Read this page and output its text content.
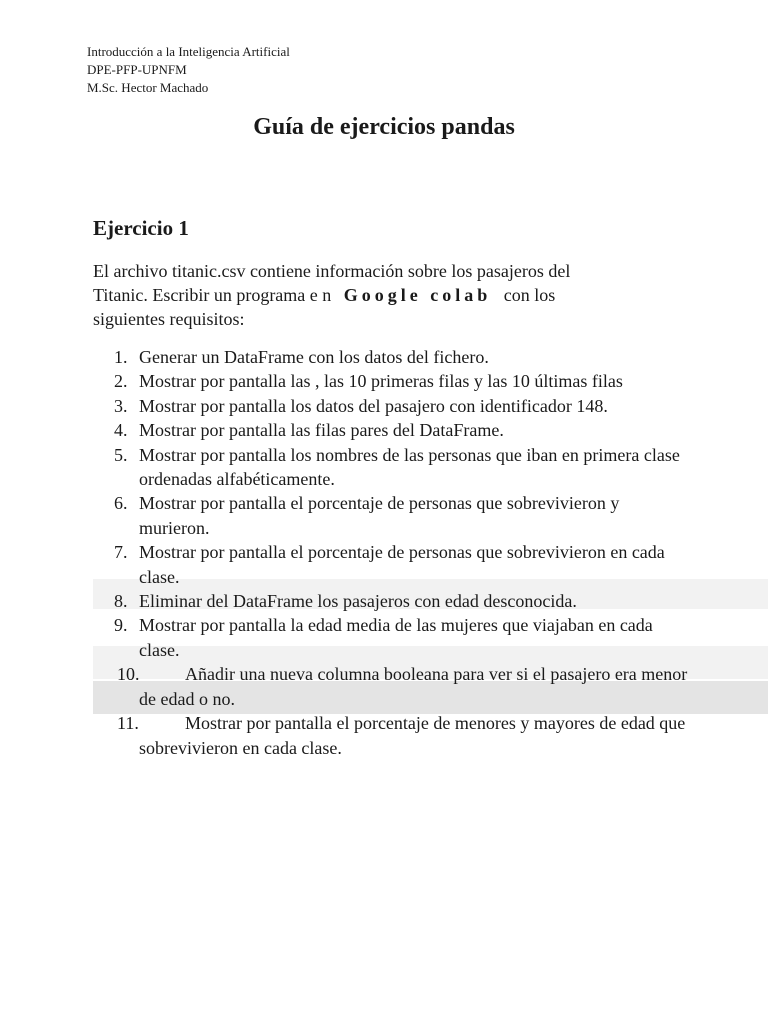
Introducción a la Inteligencia Artificial
DPE-PFP-UPNFM
M.Sc. Hector Machado
Guía de ejercicios pandas
Ejercicio 1
El archivo titanic.csv contiene información sobre los pasajeros del
Titanic. Escribir un programa e n Google colab con los
siguientes requisitos:
1. Generar un DataFrame con los datos del fichero.
2. Mostrar por pantalla las , las 10 primeras filas y las 10 últimas filas
3. Mostrar por pantalla los datos del pasajero con identificador 148.
4. Mostrar por pantalla las filas pares del DataFrame.
5. Mostrar por pantalla los nombres de las personas que iban en primera clase ordenadas alfabéticamente.
6. Mostrar por pantalla el porcentaje de personas que sobrevivieron y murieron.
7. Mostrar por pantalla el porcentaje de personas que sobrevivieron en cada clase.
8. Eliminar del DataFrame los pasajeros con edad desconocida.
9. Mostrar por pantalla la edad media de las mujeres que viajaban en cada clase.
10.	Añadir una nueva columna booleana para ver si el pasajero era menor de edad o no.
11.	Mostrar por pantalla el porcentaje de menores y mayores de edad que sobrevivieron en cada clase.
